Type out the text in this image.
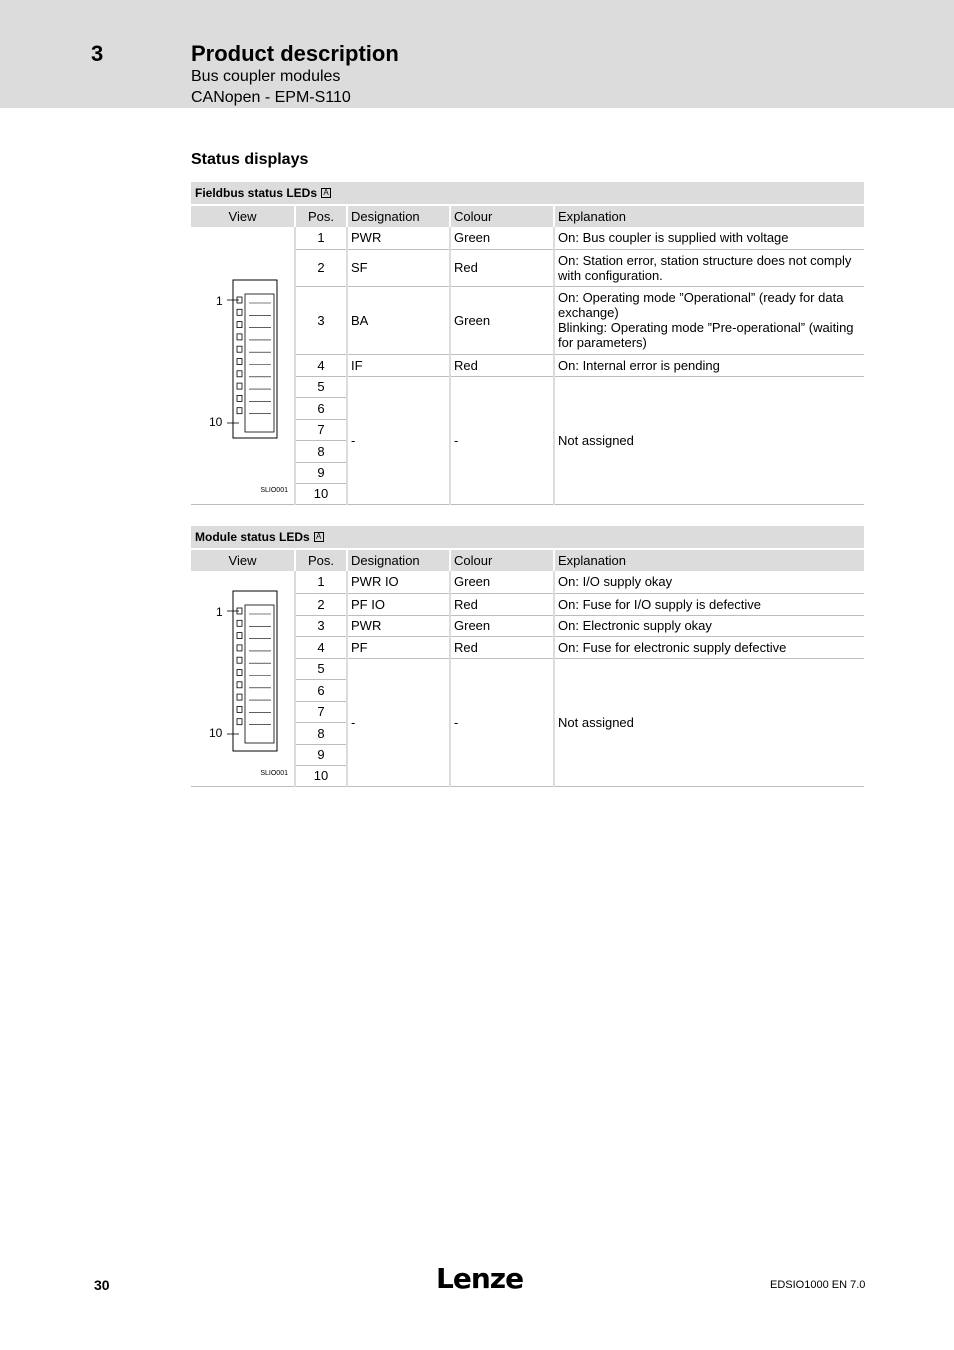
3	Product description
Bus coupler modules
CANopen - EPM-S110
Status displays
Fieldbus status LEDs A
View	Pos.	Designation	Colour	Explanation

1
10
SLIO001	1	PWR	Green	On: Bus coupler is supplied with voltage
	2	SF	Red	On: Station error, station structure does not comply with configuration.
	3	BA	Green	On: Operating mode ”Operational” (ready for data exchange)
Blinking: Operating mode ”Pre-operational” (waiting for parameters)

	4	IF	Red	On: Internal error is pending
	5	-	-	Not assigned
	6			
	7			
	8			
	9			
	10			
Module status LEDs A
View	Pos.	Designation	Colour	Explanation

1
10
SLIO001	1	PWR IO	Green	On: I/O supply okay
	2	PF IO	Red	On: Fuse for I/O supply is defective
	3	PWR	Green	On: Electronic supply okay
	4	PF	Red	On: Fuse for electronic supply defective
	5	-	-	Not assigned
	6			
	7			
	8			
	9			
	10			
30	Lenze	EDSIO1000 EN 7.0
